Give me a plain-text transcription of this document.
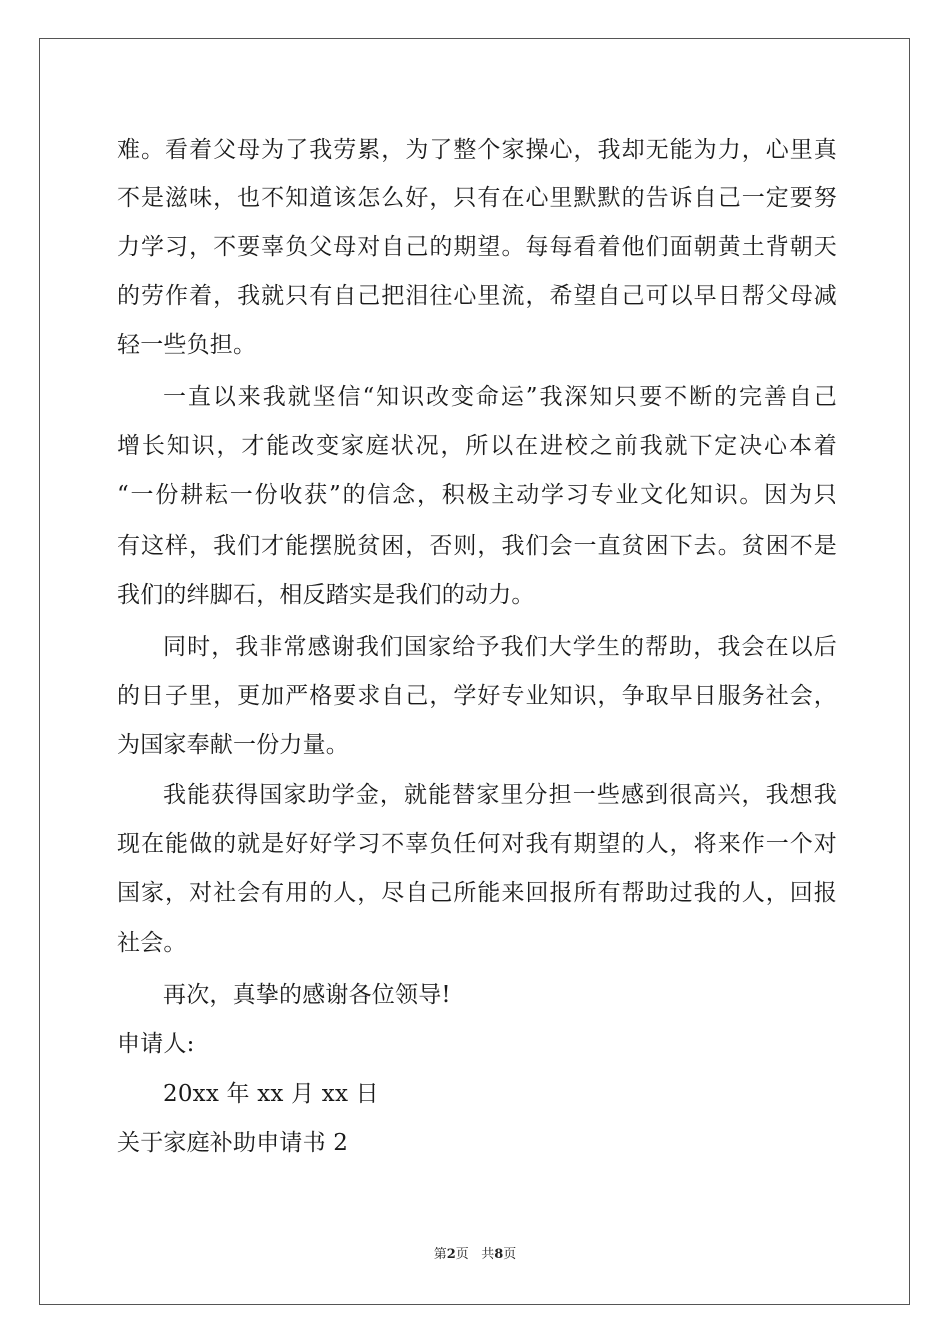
难。看着父母为了我劳累，为了整个家操心，我却无能为力，心里真
不是滋味，也不知道该怎么好，只有在心里默默的告诉自己一定要努
力学习，不要辜负父母对自己的期望。每每看着他们面朝黄土背朝天
的劳作着，我就只有自己把泪往心里流，希望自己可以早日帮父母减
轻一些负担。
一直以来我就坚信“知识改变命运”我深知只要不断的完善自己
增长知识，才能改变家庭状况，所以在进校之前我就下定决心本着
“一份耕耘一份收获”的信念，积极主动学习专业文化知识。因为只
有这样，我们才能摆脱贫困，否则，我们会一直贫困下去。贫困不是
我们的绊脚石，相反踏实是我们的动力。
同时，我非常感谢我们国家给予我们大学生的帮助，我会在以后
的日子里，更加严格要求自己，学好专业知识，争取早日服务社会，
为国家奉献一份力量。
我能获得国家助学金，就能替家里分担一些感到很高兴，我想我
现在能做的就是好好学习不辜负任何对我有期望的人，将来作一个对
国家，对社会有用的人，尽自己所能来回报所有帮助过我的人，回报
社会。
再次，真挚的感谢各位领导!
申请人:
20xx 年 xx 月 xx 日
关于家庭补助申请书 2
第2页 共8页
